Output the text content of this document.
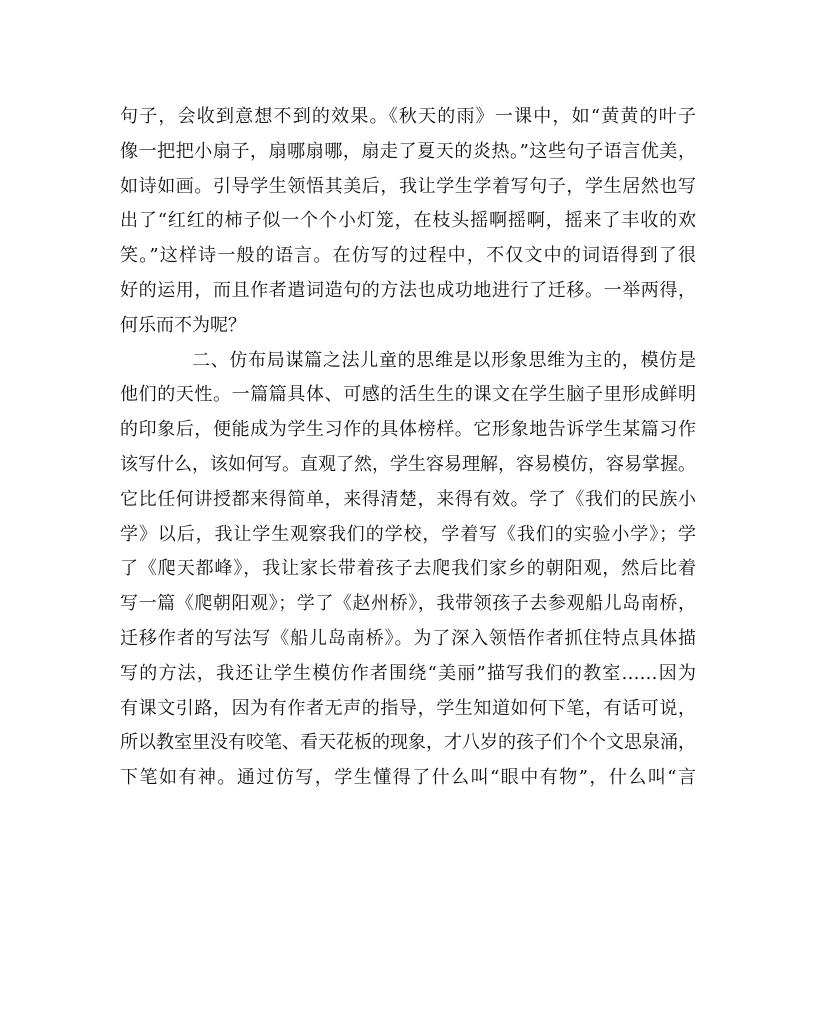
句子，会收到意想不到的效果。《秋天的雨》一课中，如“黄黄的叶子
像一把把小扇子，扇哪扇哪，扇走了夏天的炎热。”这些句子语言优美，
如诗如画。引导学生领悟其美后，我让学生学着写句子，学生居然也写
出了“红红的柿子似一个个小灯笼，在枝头摇啊摇啊，摇来了丰收的欢
笑。”这样诗一般的语言。在仿写的过程中，不仅文中的词语得到了很
好的运用，而且作者遣词造句的方法也成功地进行了迁移。一举两得，
何乐而不为呢？
二、仿布局谋篇之法儿童的思维是以形象思维为主的，模仿是
他们的天性。一篇篇具体、可感的活生生的课文在学生脑子里形成鲜明
的印象后，便能成为学生习作的具体榜样。它形象地告诉学生某篇习作
该写什么，该如何写。直观了然，学生容易理解，容易模仿，容易掌握。
它比任何讲授都来得简单，来得清楚，来得有效。学了《我们的民族小
学》以后，我让学生观察我们的学校，学着写《我们的实验小学》；学
了《爬天都峰》，我让家长带着孩子去爬我们家乡的朝阳观，然后比着
写一篇《爬朝阳观》；学了《赵州桥》，我带领孩子去参观船儿岛南桥，
迁移作者的写法写《船儿岛南桥》。为了深入领悟作者抓住特点具体描
写的方法，我还让学生模仿作者围绕“美丽”描写我们的教室……因为
有课文引路，因为有作者无声的指导，学生知道如何下笔，有话可说，
所以教室里没有咬笔、看天花板的现象，才八岁的孩子们个个文思泉涌，
下笔如有神。通过仿写，学生懂得了什么叫“眼中有物”，什么叫“言
